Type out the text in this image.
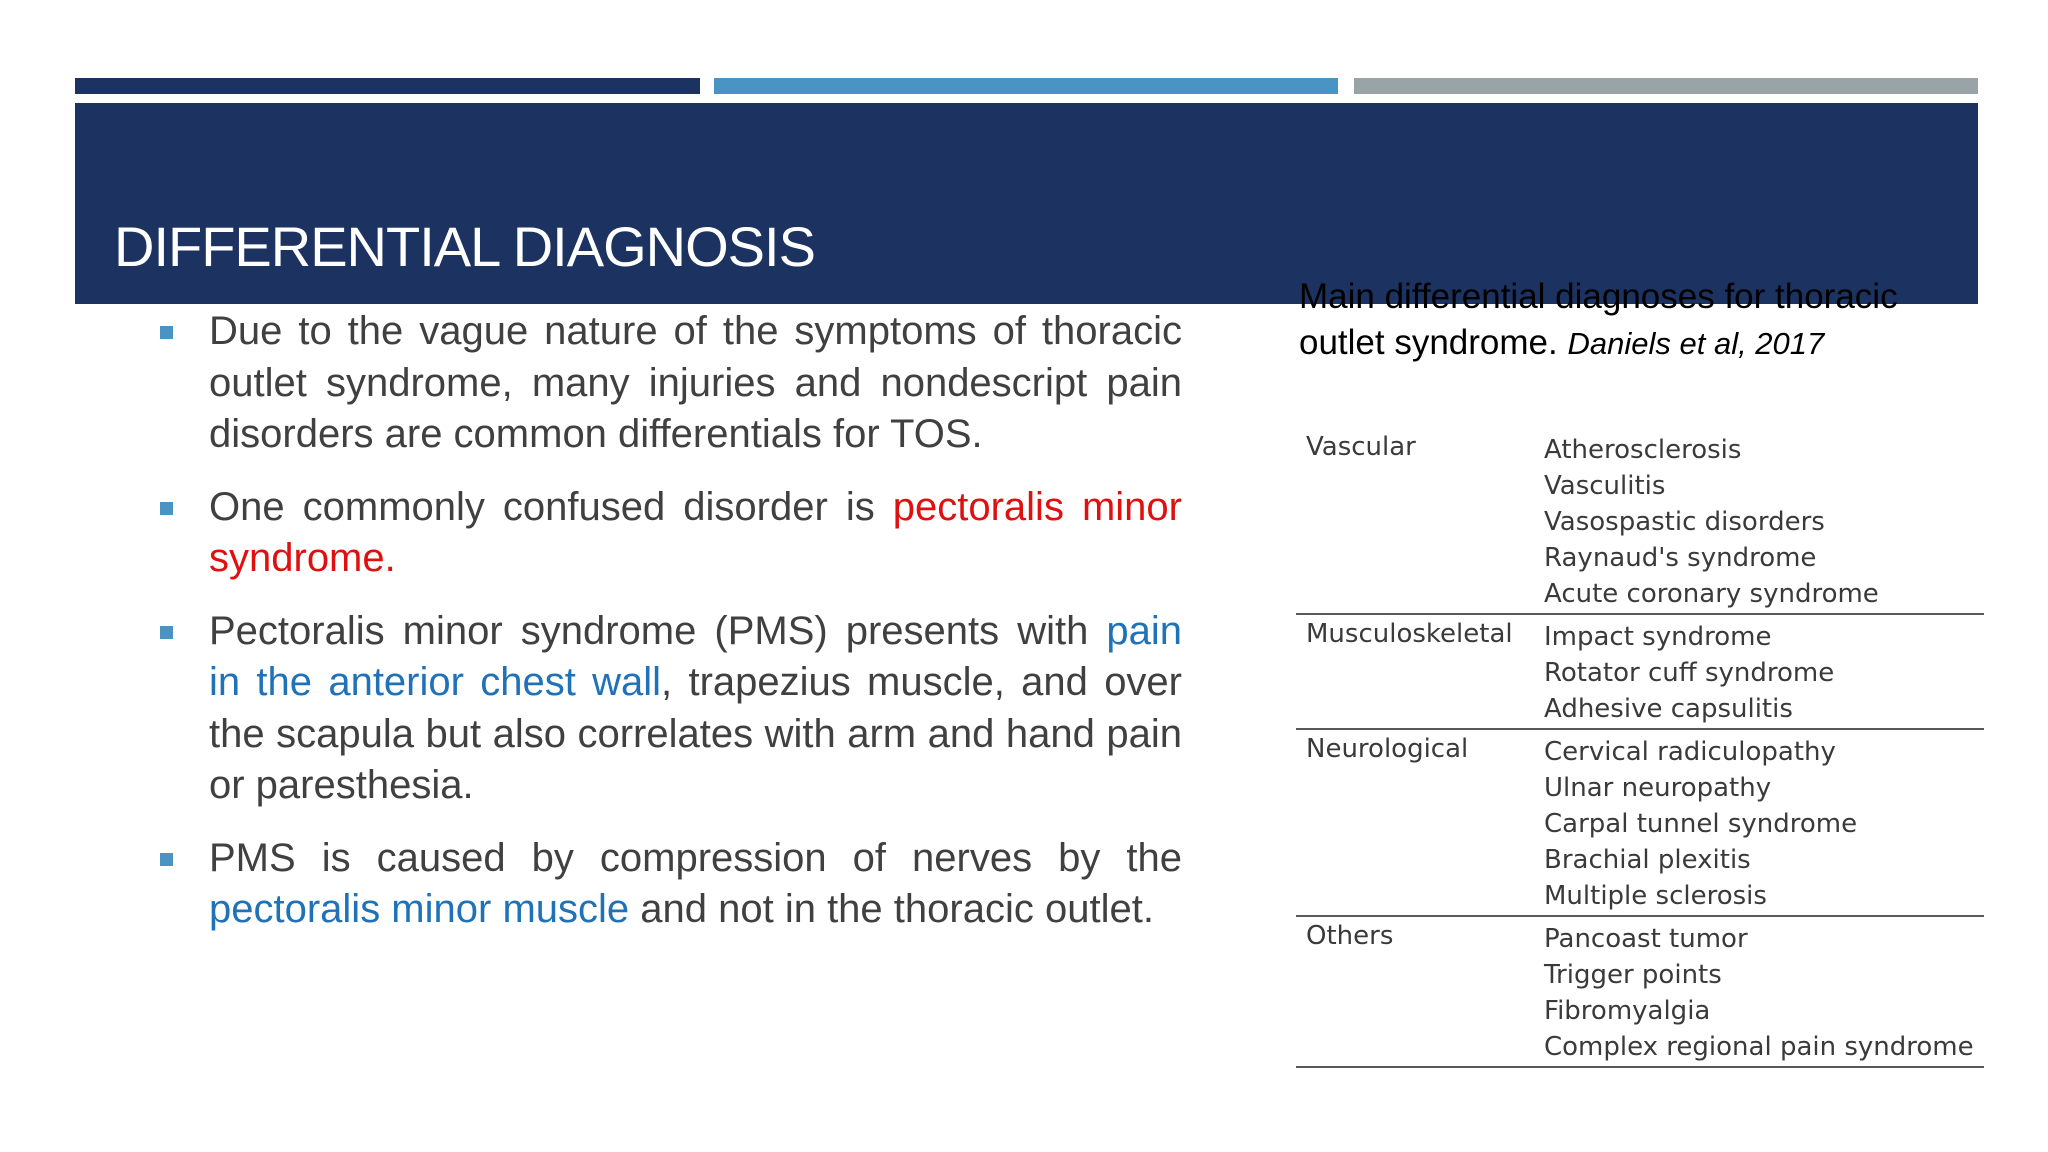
DIFFERENTIAL DIAGNOSIS
Due to the vague nature of the symptoms of thoracic outlet syndrome, many injuries and nondescript pain disorders are common differentials for TOS.
One commonly confused disorder is pectoralis minor syndrome.
Pectoralis minor syndrome (PMS) presents with pain in the anterior chest wall, trapezius muscle, and over the scapula but also correlates with arm and hand pain or paresthesia.
PMS is caused by compression of nerves by the pectoralis minor muscle and not in the thoracic outlet.

Main differential diagnoses for thoracic outlet syndrome. Daniels et al, 2017

Vascular	Atherosclerosis
Vasculitis
Vasospastic disorders
Raynaud's syndrome
Acute coronary syndrome

Musculoskeletal	Impact syndrome
Rotator cuff syndrome
Adhesive capsulitis

Neurological	Cervical radiculopathy
Ulnar neuropathy
Carpal tunnel syndrome
Brachial plexitis
Multiple sclerosis

Others	Pancoast tumor
Trigger points
Fibromyalgia
Complex regional pain syndrome
